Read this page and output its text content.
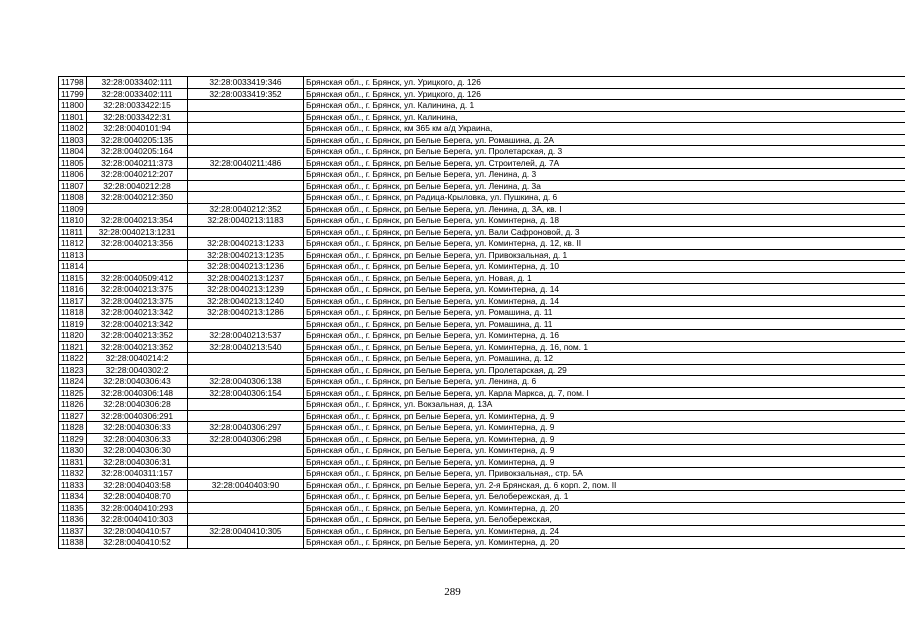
11798	32:28:0033402:111	32:28:0033419:346	Брянская обл., г. Брянск, ул. Урицкого, д. 126
11799	32:28:0033402:111	32:28:0033419:352	Брянская обл., г. Брянск, ул. Урицкого, д. 126
11800	32:28:0033422:15		Брянская обл., г. Брянск, ул. Калинина, д. 1
11801	32:28:0033422:31		Брянская обл., г. Брянск, ул. Калинина,
11802	32:28:0040101:94		Брянская обл., г. Брянск, км 365 км а/д Украина,
11803	32:28:0040205:135		Брянская обл., г. Брянск, рп Белые Берега, ул. Ромашина, д. 2А
11804	32:28:0040205:164		Брянская обл., г. Брянск, рп Белые Берега, ул. Пролетарская, д. 3
11805	32:28:0040211:373	32:28:0040211:486	Брянская обл., г. Брянск, рп Белые Берега, ул. Строителей, д. 7А
11806	32:28:0040212:207		Брянская обл., г. Брянск, рп Белые Берега, ул. Ленина, д. 3
11807	32:28:0040212:28		Брянская обл., г. Брянск, рп Белые Берега, ул. Ленина, д. 3а
11808	32:28:0040212:350		Брянская обл., г. Брянск, рп Радица-Крыловка, ул. Пушкина, д. 6
11809		32:28:0040212:352	Брянская обл., г. Брянск, рп Белые Берега, ул. Ленина, д. 3А, кв. I
11810	32:28:0040213:354	32:28:0040213:1183	Брянская обл., г. Брянск, рп Белые Берега, ул. Коминтерна, д. 18
11811	32:28:0040213:1231		Брянская обл., г. Брянск, рп Белые Берега, ул. Вали Сафроновой, д. 3
11812	32:28:0040213:356	32:28:0040213:1233	Брянская обл., г. Брянск, рп Белые Берега, ул. Коминтерна, д. 12, кв. II
11813		32:28:0040213:1235	Брянская обл., г. Брянск, рп Белые Берега, ул. Привокзальная, д. 1
11814		32:28:0040213:1236	Брянская обл., г. Брянск, рп Белые Берега, ул. Коминтерна, д. 10
11815	32:28:0040509:412	32:28:0040213:1237	Брянская обл., г. Брянск, рп Белые Берега, ул. Новая, д. 1
11816	32:28:0040213:375	32:28:0040213:1239	Брянская обл., г. Брянск, рп Белые Берега, ул. Коминтерна, д. 14
11817	32:28:0040213:375	32:28:0040213:1240	Брянская обл., г. Брянск, рп Белые Берега, ул. Коминтерна, д. 14
11818	32:28:0040213:342	32:28:0040213:1286	Брянская обл., г. Брянск, рп Белые Берега, ул. Ромашина, д. 11
11819	32:28:0040213:342		Брянская обл., г. Брянск, рп Белые Берега, ул. Ромашина, д. 11
11820	32:28:0040213:352	32:28:0040213:537	Брянская обл., г. Брянск, рп Белые Берега, ул. Коминтерна, д. 16
11821	32:28:0040213:352	32:28:0040213:540	Брянская обл., г. Брянск, рп Белые Берега, ул. Коминтерна, д. 16, пом. 1
11822	32:28:0040214:2		Брянская обл., г. Брянск, рп Белые Берега, ул. Ромашина, д. 12
11823	32:28:0040302:2		Брянская обл., г. Брянск, рп Белые Берега, ул. Пролетарская, д. 29
11824	32:28:0040306:43	32:28:0040306:138	Брянская обл., г. Брянск, рп Белые Берега, ул. Ленина, д. 6
11825	32:28:0040306:148	32:28:0040306:154	Брянская обл., г. Брянск, рп Белые Берега, ул. Карла Маркса, д. 7, пом. I
11826	32:28:0040306:28		Брянская обл., г. Брянск, ул. Вокзальная, д. 13А
11827	32:28:0040306:291		Брянская обл., г. Брянск, рп Белые Берега, ул. Коминтерна, д. 9
11828	32:28:0040306:33	32:28:0040306:297	Брянская обл., г. Брянск, рп Белые Берега, ул. Коминтерна, д. 9
11829	32:28:0040306:33	32:28:0040306:298	Брянская обл., г. Брянск, рп Белые Берега, ул. Коминтерна, д. 9
11830	32:28:0040306:30		Брянская обл., г. Брянск, рп Белые Берега, ул. Коминтерна, д. 9
11831	32:28:0040306:31		Брянская обл., г. Брянск, рп Белые Берега, ул. Коминтерна, д. 9
11832	32:28:0040311:157		Брянская обл., г. Брянск, рп Белые Берега, ул. Привокзальная,, стр. 5А
11833	32:28:0040403:58	32:28:0040403:90	Брянская обл., г. Брянск, рп Белые Берега, ул. 2-я Брянская, д. 6 корп. 2, пом. II
11834	32:28:0040408:70		Брянская обл., г. Брянск, рп Белые Берега, ул. Белобережская, д. 1
11835	32:28:0040410:293		Брянская обл., г. Брянск, рп Белые Берега, ул. Коминтерна, д. 20
11836	32:28:0040410:303		Брянская обл., г. Брянск, рп Белые Берега, ул. Белобережская,
11837	32:28:0040410:57	32:28:0040410:305	Брянская обл., г. Брянск, рп Белые Берега, ул. Коминтерна, д. 24
11838	32:28:0040410:52		Брянская обл., г. Брянск, рп Белые Берега, ул. Коминтерна, д. 20
289
